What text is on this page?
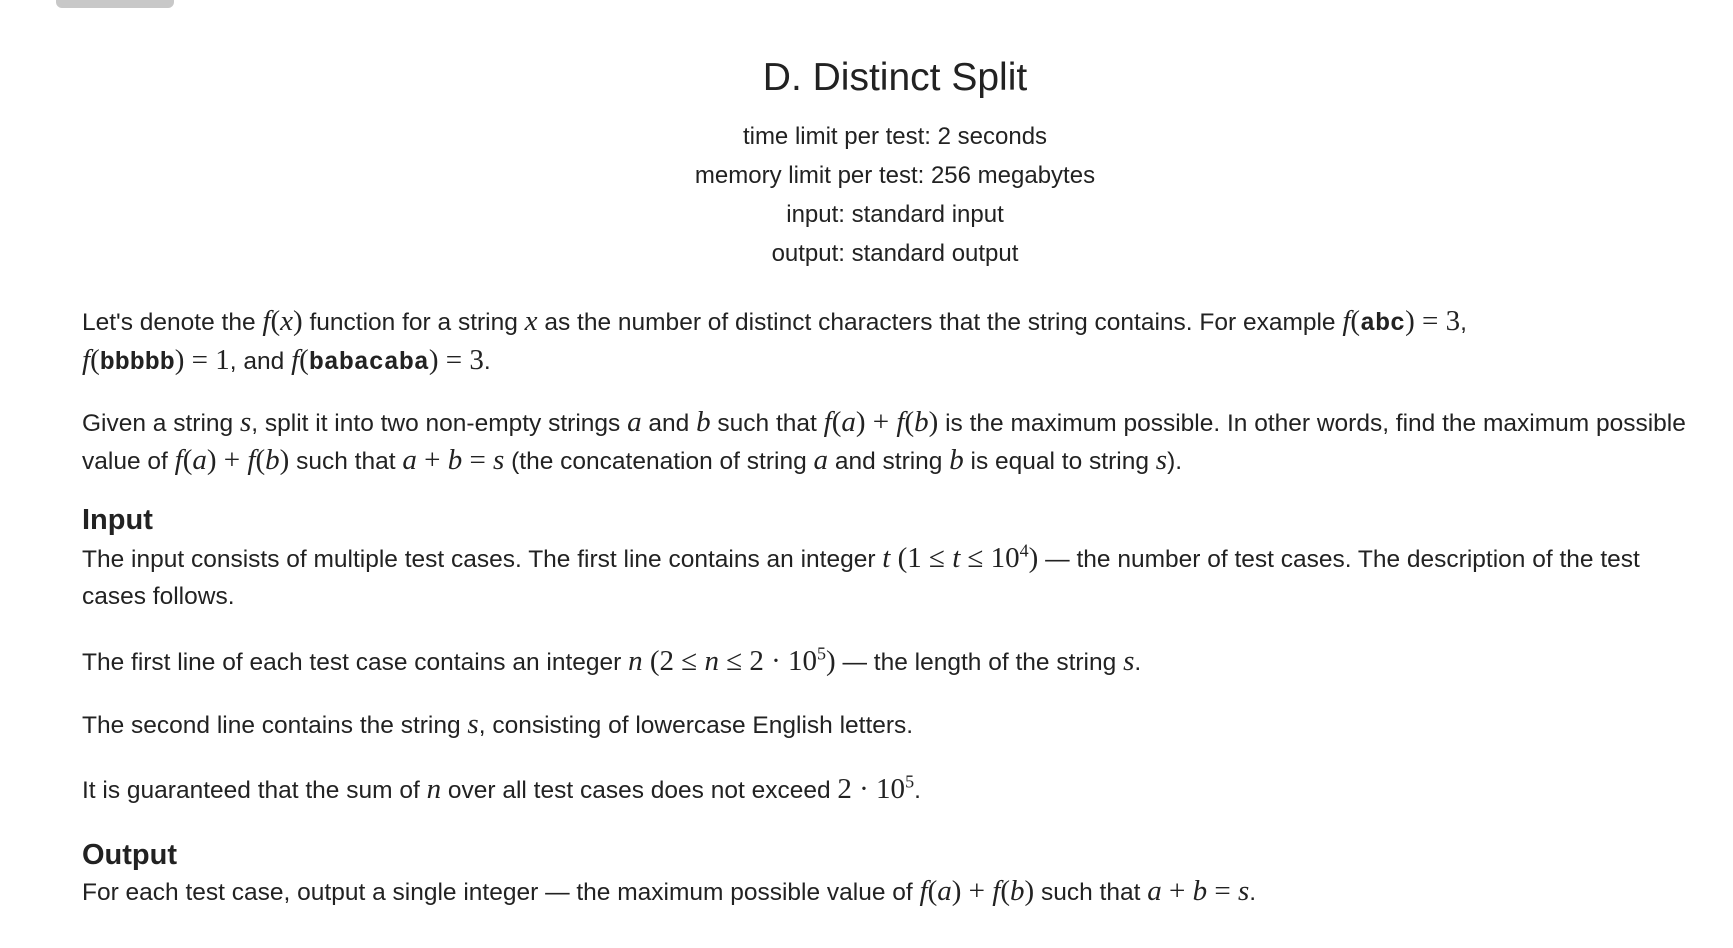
D. Distinct Split
time limit per test: 2 seconds
memory limit per test: 256 megabytes
input: standard input
output: standard output

Let's denote the f(x) function for a string x as the number of distinct characters that the string contains. For example f(abc) = 3,
f(bbbbb) = 1, and f(babacaba) = 3.

Given a string s, split it into two non-empty strings a and b such that f(a) + f(b) is the maximum possible. In other words, find the maximum possible value of f(a) + f(b) such that a + b = s (the concatenation of string a and string b is equal to string s).

Input

The input consists of multiple test cases. The first line contains an integer t $(1 \le t \le 10^4)$ — the number of test cases. The description of the test cases follows.

The first line of each test case contains an integer n $(2 \le n \le 2 \cdot 10^5)$ — the length of the string s.

The second line contains the string s, consisting of lowercase English letters.

It is guaranteed that the sum of n over all test cases does not exceed $2 \cdot 10^5$.

Output

For each test case, output a single integer — the maximum possible value of f(a) + f(b) such that a + b = s.
